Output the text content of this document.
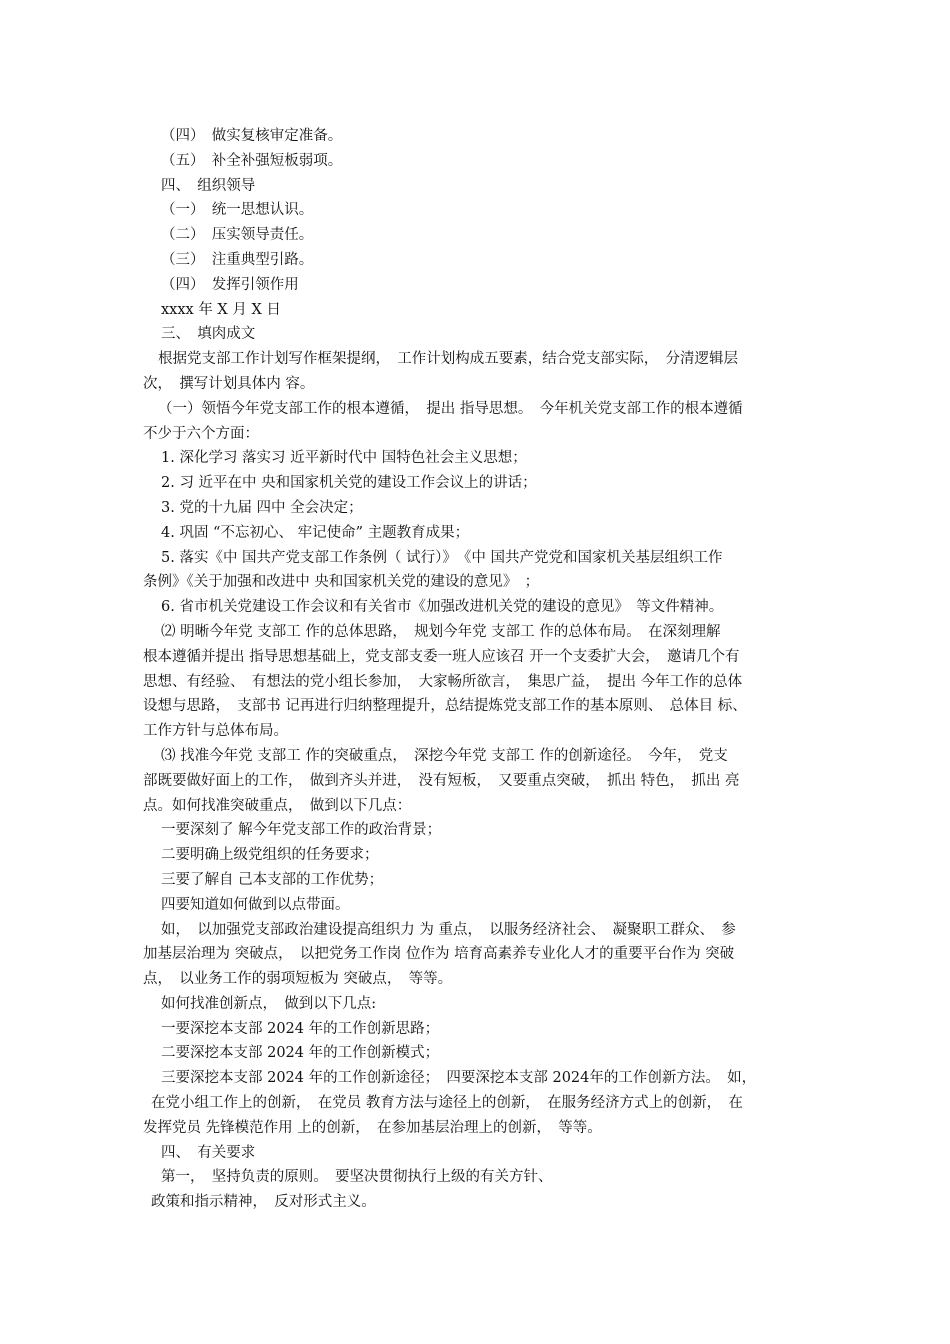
（四）　做实复核审定准备。

（五）　补全补强短板弱项。

四、　组织领导

（一）　统一思想认识。

（二）　压实领导责任。

（三）　注重典型引路。

（四）　发挥引领作用

xxxx 年 X 月 X 日

三、　填肉成文

根据党支部工作计划写作框架提纲，　工作计划构成五要素，结合党支部实际，　分清逻辑层

次，　撰写计划具体内 容。

（一）领悟今年党支部工作的根本遵循，　提出 指导思想。　今年机关党支部工作的根本遵循

不少于六个方面：

1. 深化学习 落实习 近平新时代中 国特色社会主义思想；

2. 习 近平在中 央和国家机关党的建设工作会议上的讲话；

3. 党的十九届 四中 全会决定；

4. 巩固 “不忘初心、 牢记使命” 主题教育成果；

5. 落实《中 国共产党支部工作条例（ 试行）》　《中 国共产党党和国家机关基层组织工作

条例》《关于加强和改进中 央和国家机关党的建设的意见》　；

6. 省市机关党建设工作会议和有关省市《加强改进机关党的建设的意见》　等文件精神。

⑵ 明晰今年党 支部工 作的总体思路，　规划今年党 支部工 作的总体布局。　在深刻理解

根本遵循并提出 指导思想基础上，党支部支委一班人应该召 开一个支委扩大会，　邀请几个有

思想、有经验、　有想法的党小组长参加，　大家畅所欲言，　集思广益，　提出 今年工作的总体

设想与思路，　支部书 记再进行归纳整理提升，总结提炼党支部工作的基本原则、　总体目 标、

工作方针与总体布局。

⑶ 找准今年党 支部工 作的突破重点，　深挖今年党 支部工 作的创新途径。　今年，　党支

部既要做好面上的工作，　做到齐头并进，　没有短板，　又要重点突破，　抓出 特色，　抓出 亮

点。如何找准突破重点，　做到以下几点：

一要深刻了 解今年党支部工作的政治背景；

二要明确上级党组织的任务要求；

三要了解自 己本支部的工作优势；

四要知道如何做到以点带面。

如，　以加强党支部政治建设提高组织力 为 重点，　以服务经济社会、　凝聚职工群众、　参

加基层治理为 突破点，　以把党务工作岗 位作为 培育高素养专业化人才的重要平台作为 突破

点，　以业务工作的弱项短板为 突破点，　等等。

如何找准创新点，　做到以下几点:

一要深挖本支部 2024 年的工作创新思路；

二要深挖本支部 2024 年的工作创新模式；

三要深挖本支部 2024 年的工作创新途径；　四要深挖本支部 2024年的工作创新方法。　如，

在党小组工作上的创新，　在党员 教育方法与途径上的创新，　在服务经济方式上的创新，　在

发挥党员 先锋模范作用 上的创新，　在参加基层治理上的创新，　等等。

四、　有关要求

第一，　坚持负责的原则。　要坚决贯彻执行上级的有关方针、

政策和指示精神，　反对形式主义。
